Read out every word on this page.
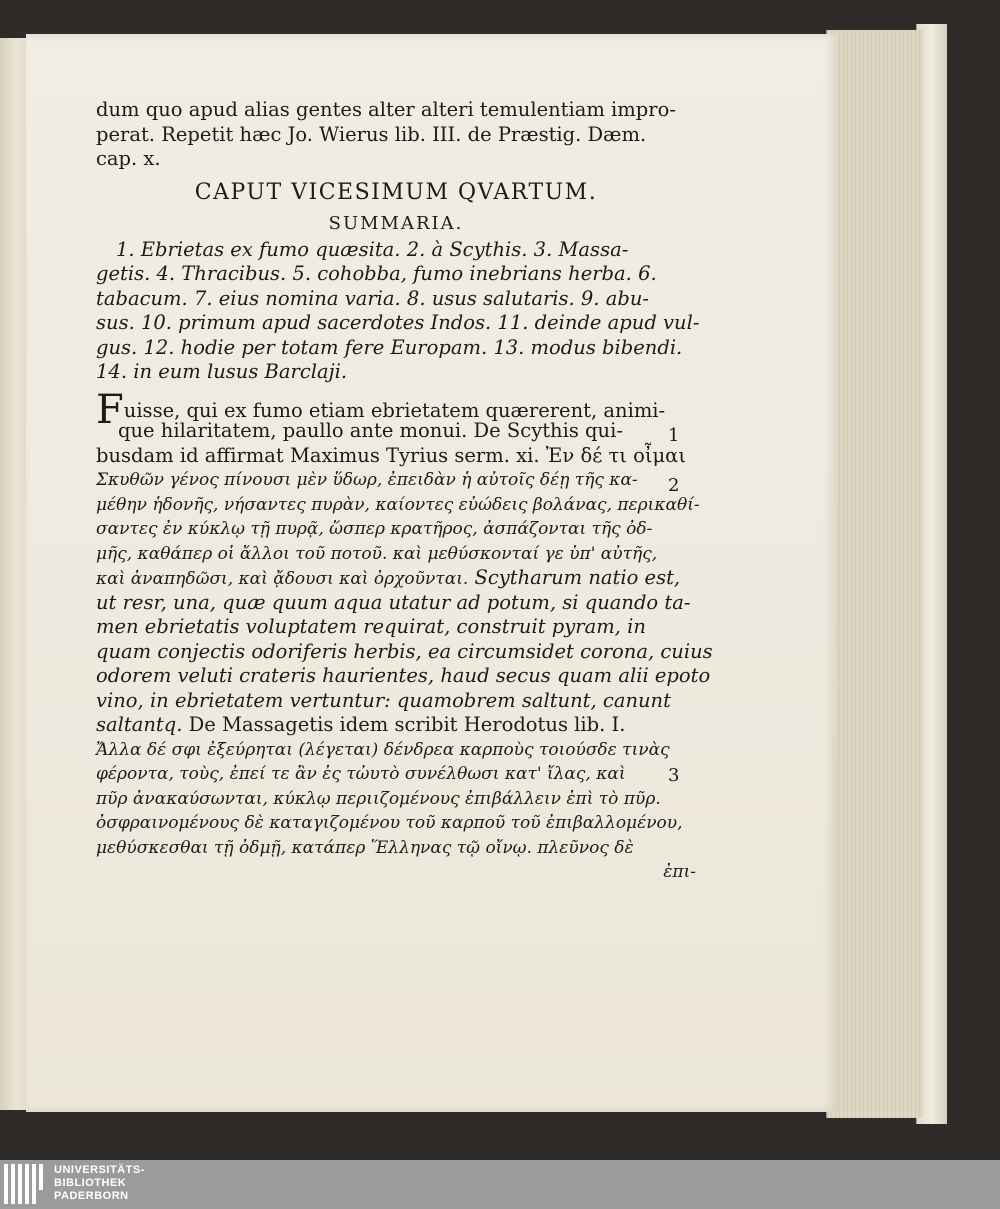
dum quo apud alias gentes alter alteri temulentiam impro-
perat. Repetit hæc Jo. Wierus lib. III. de Præstig. Dæm.
cap. x.
CAPUT VICESIMUM QVARTUM.
SUMMARIA.
1. Ebrietas ex fumo quæsita. 2. à Scythis. 3. Massa-
getis. 4. Thracibus. 5. cohobba, fumo inebrians herba. 6.
tabacum. 7. eius nomina varia. 8. usus salutaris. 9. abu-
sus. 10. primum apud sacerdotes Indos. 11. deinde apud vul-
gus. 12. hodie per totam fere Europam. 13. modus bibendi.
14. in eum lusus Barclaji.
Fuisse, qui ex fumo etiam ebrietatem quærerent, animi-
que hilaritatem, paullo ante monui. De Scythis qui-
busdam id affirmat Maximus Tyrius serm. xi. Ἐν δέ τι οἶμαι
Σκυθῶν γένος πίνουσι μὲν ὕδωρ, ἐπειδὰν ἡ αὐτοῖς δέῃ τῆς κα-
μέθην ἡδονῆς, νήσαντες πυρὰν, καίοντες εὐώδεις βολάνας, περικαθί-
σαντες ἐν κύκλῳ τῇ πυρᾷ, ὥσπερ κρατῆρος, ἀσπάζονται τῆς ὀδ-
μῆς, καθάπερ οἱ ἄλλοι τοῦ ποτοῦ. καὶ μεθύσκονταί γε ὑπ' αὐτῆς,
καὶ ἀναπηδῶσι, καὶ ᾄδουσι καὶ ὀρχοῦνται. Scytharum natio est,
ut resr, una, quæ quum aqua utatur ad potum, si quando ta-
men ebrietatis voluptatem requirat, construit pyram, in
quam conjectis odoriferis herbis, ea circumsidet corona, cuius
odorem veluti crateris haurientes, haud secus quam alii epoto
vino, in ebrietatem vertuntur: quamobrem saltunt, canunt
saltantq. De Massagetis idem scribit Herodotus lib. I.
Ἄλλα δέ σφι ἐξεύρηται (λέγεται) δένδρεα καρποὺς τοιούσδε τινὰς
φέροντα, τοὺς, ἐπεί τε ἂν ἐς τὠυτὸ συνέλθωσι κατ' ἴλας, καὶ
πῦρ ἀνακαύσωνται, κύκλῳ περιιζομένους ἐπιβάλλειν ἐπὶ τὸ πῦρ.
ὀσφραινομένους δὲ καταγιζομένου τοῦ καρποῦ τοῦ ἐπιβαλλομένου,
μεθύσκεσθαι τῇ ὀδμῇ, κατάπερ Ἕλληνας τῷ οἴνῳ. πλεῦνος δὲ
ἐπι-
1
2
3
UNIVERSITÄTS-
BIBLIOTHEK
PADERBORN
